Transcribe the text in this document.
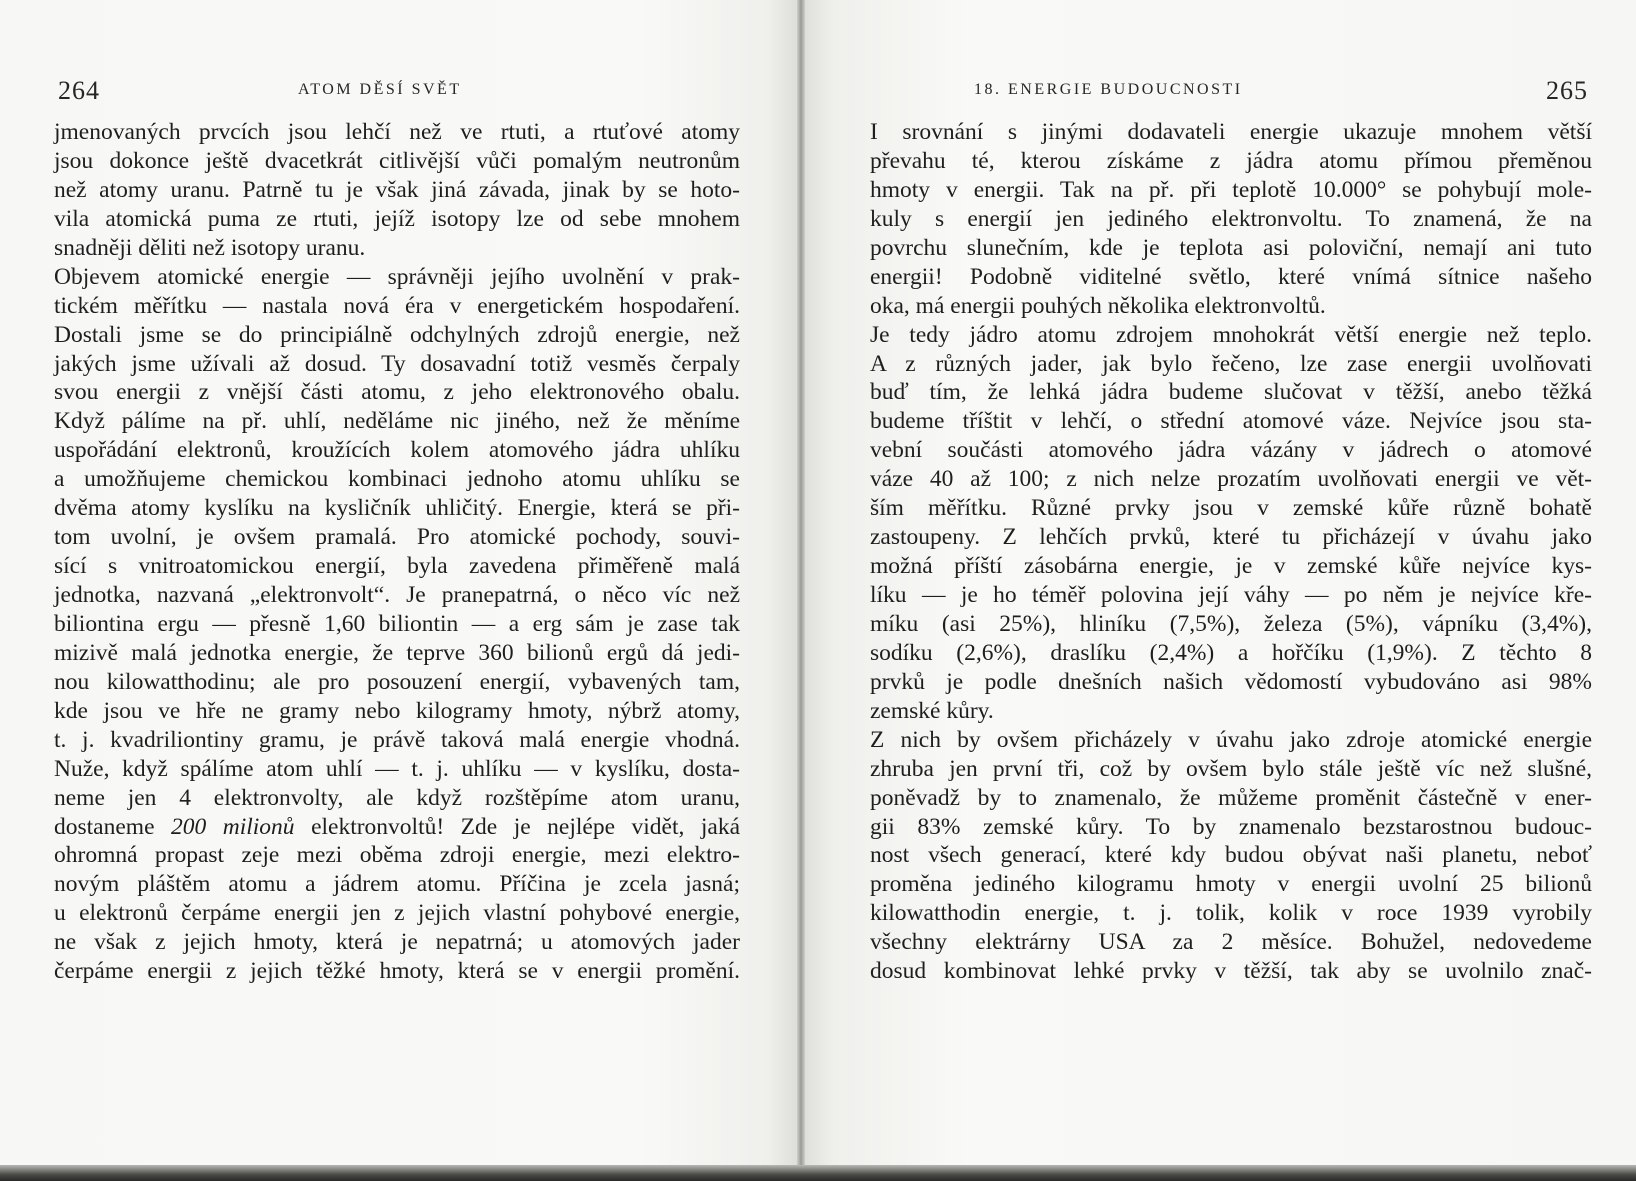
264	ATOM DĚSÍ SVĚT
jmenovaných prvcích jsou lehčí než ve rtuti, a rtuťové atomy
jsou dokonce ještě dvacetkrát citlivější vůči pomalým neutronům
než atomy uranu. Patrně tu je však jiná závada, jinak by se hoto-
vila atomická puma ze rtuti, jejíž isotopy lze od sebe mnohem
snadněji děliti než isotopy uranu.
Objevem atomické energie — správněji jejího uvolnění v prak-
tickém měřítku — nastala nová éra v energetickém hospodaření.
Dostali jsme se do principiálně odchylných zdrojů energie, než
jakých jsme užívali až dosud. Ty dosavadní totiž vesměs čerpaly
svou energii z vnější části atomu, z jeho elektronového obalu.
Když pálíme na př. uhlí, neděláme nic jiného, než že měníme
uspořádání elektronů, kroužících kolem atomového jádra uhlíku
a umožňujeme chemickou kombinaci jednoho atomu uhlíku se
dvěma atomy kyslíku na kysličník uhličitý. Energie, která se při-
tom uvolní, je ovšem pramalá. Pro atomické pochody, souvi-
sící s vnitroatomickou energií, byla zavedena přiměřeně malá
jednotka, nazvaná „elektronvolt“. Je pranepatrná, o něco víc než
biliontina ergu — přesně 1,60 biliontin — a erg sám je zase tak
mizivě malá jednotka energie, že teprve 360 bilionů ergů dá jedi-
nou kilowatthodinu; ale pro posouzení energií, vybavených tam,
kde jsou ve hře ne gramy nebo kilogramy hmoty, nýbrž atomy,
t. j. kvadriliontiny gramu, je právě taková malá energie vhodná.
Nuže, když spálíme atom uhlí — t. j. uhlíku — v kyslíku, dosta-
neme jen 4 elektronvolty, ale když rozštěpíme atom uranu,
dostaneme 200 milionů elektronvoltů! Zde je nejlépe vidět, jaká
ohromná propast zeje mezi oběma zdroji energie, mezi elektro-
novým pláštěm atomu a jádrem atomu. Příčina je zcela jasná;
u elektronů čerpáme energii jen z jejich vlastní pohybové energie,
ne však z jejich hmoty, která je nepatrná; u atomových jader
čerpáme energii z jejich těžké hmoty, která se v energii promění.
18. ENERGIE BUDOUCNOSTI	265
I srovnání s jinými dodavateli energie ukazuje mnohem větší
převahu té, kterou získáme z jádra atomu přímou přeměnou
hmoty v energii. Tak na př. při teplotě 10.000° se pohybují mole-
kuly s energií jen jediného elektronvoltu. To znamená, že na
povrchu slunečním, kde je teplota asi poloviční, nemají ani tuto
energii! Podobně viditelné světlo, které vnímá sítnice našeho
oka, má energii pouhých několika elektronvoltů.
Je tedy jádro atomu zdrojem mnohokrát větší energie než teplo.
A z různých jader, jak bylo řečeno, lze zase energii uvolňovati
buď tím, že lehká jádra budeme slučovat v těžší, anebo těžká
budeme tříštit v lehčí, o střední atomové váze. Nejvíce jsou sta-
vební součásti atomového jádra vázány v jádrech o atomové
váze 40 až 100; z nich nelze prozatím uvolňovati energii ve vět-
ším měřítku. Různé prvky jsou v zemské kůře různě bohatě
zastoupeny. Z lehčích prvků, které tu přicházejí v úvahu jako
možná příští zásobárna energie, je v zemské kůře nejvíce kys-
líku — je ho téměř polovina její váhy — po něm je nejvíce kře-
míku (asi 25%), hliníku (7,5%), železa (5%), vápníku (3,4%),
sodíku (2,6%), draslíku (2,4%) a hořčíku (1,9%). Z těchto 8
prvků je podle dnešních našich vědomostí vybudováno asi 98%
zemské kůry.
Z nich by ovšem přicházely v úvahu jako zdroje atomické energie
zhruba jen první tři, což by ovšem bylo stále ještě víc než slušné,
poněvadž by to znamenalo, že můžeme proměnit částečně v ener-
gii 83% zemské kůry. To by znamenalo bezstarostnou budouc-
nost všech generací, které kdy budou obývat naši planetu, neboť
proměna jediného kilogramu hmoty v energii uvolní 25 bilionů
kilowatthodin energie, t. j. tolik, kolik v roce 1939 vyrobily
všechny elektrárny USA za 2 měsíce. Bohužel, nedovedeme
dosud kombinovat lehké prvky v těžší, tak aby se uvolnilo znač-
